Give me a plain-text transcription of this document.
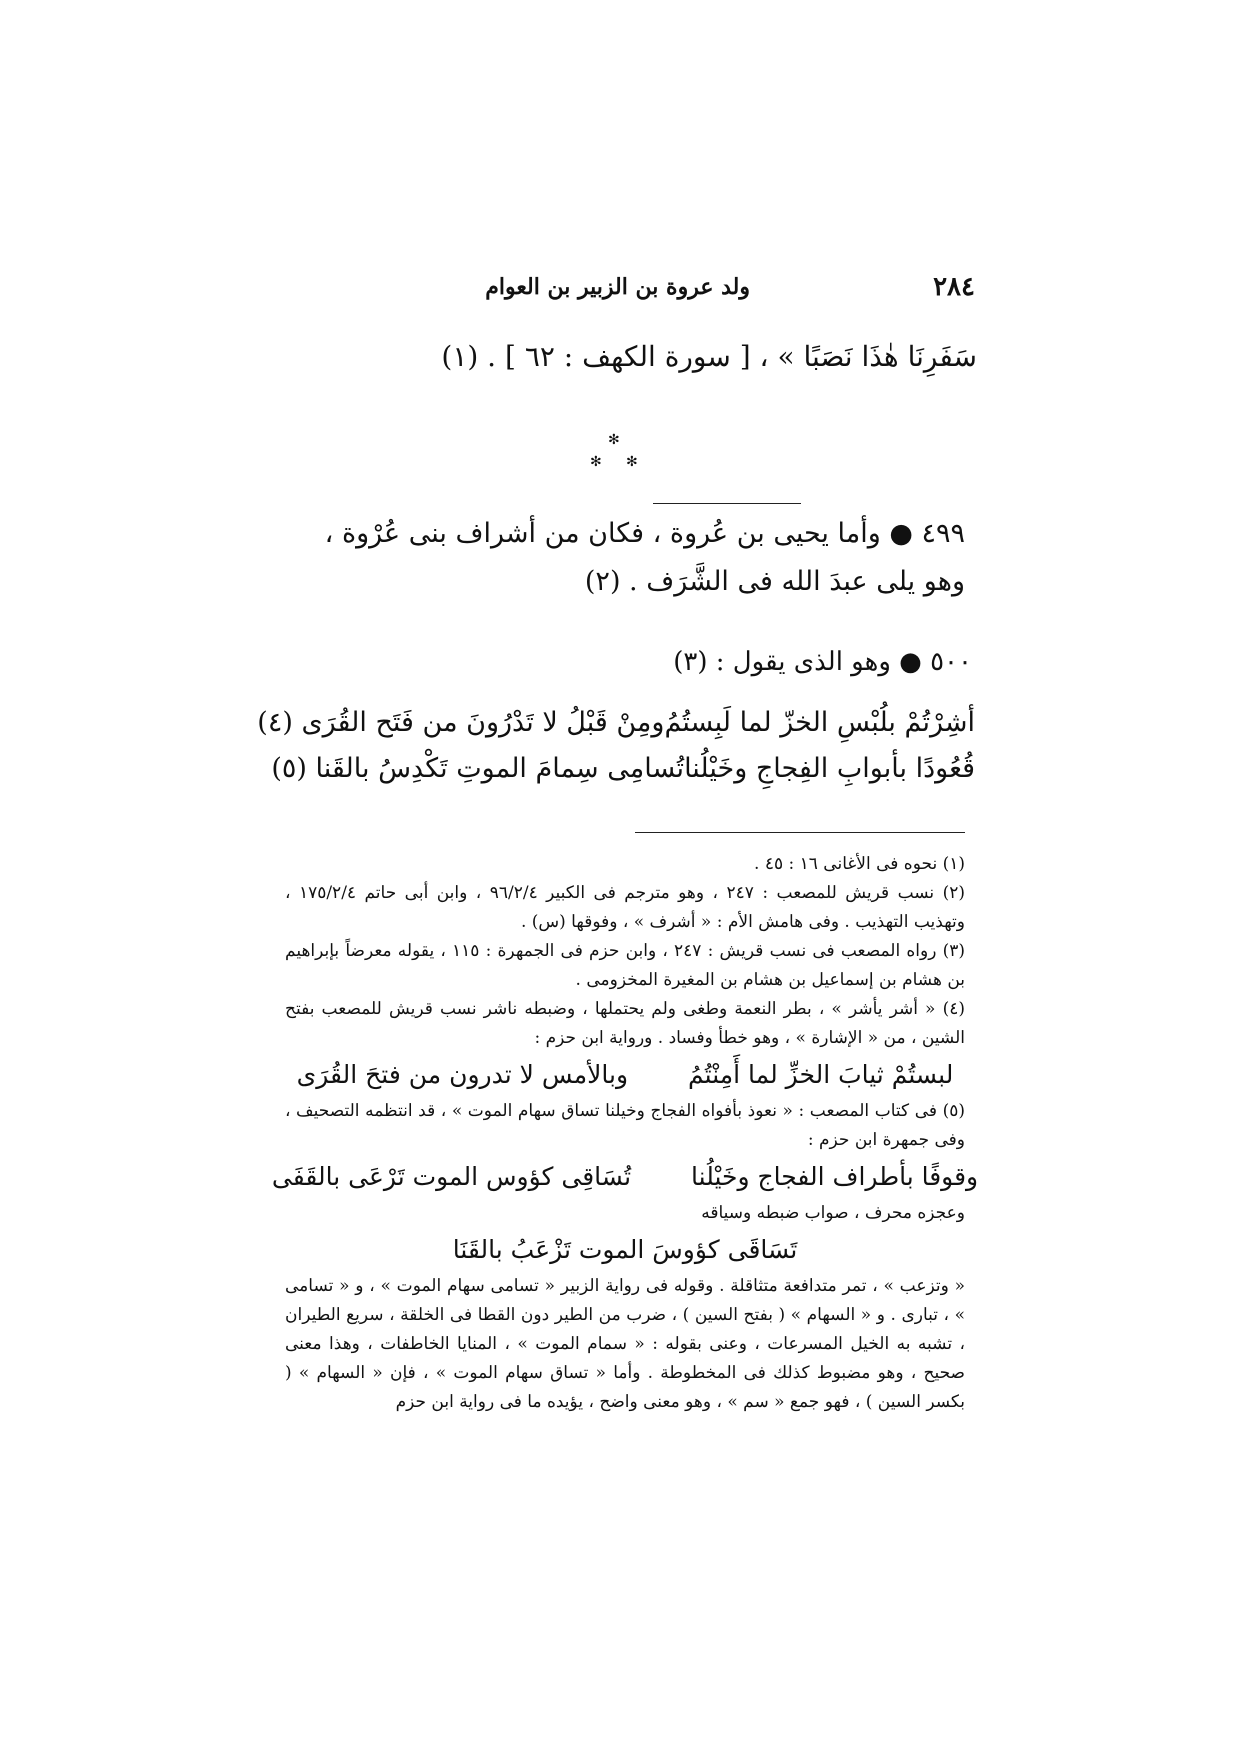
٢٨٤
ولد عروة بن الزبير بن العوام
سَفَرِنَا هٰذَا نَصَبًا » ، [ سورة الكهف : ٦٢ ] . (١)
✻
✻ ✻
٤٩٩ ● وأما يحيى بن عُروة ، فكان من أشراف بنى عُرْوة ، وهو يلى عبدَ الله فى الشَّرَف . (٢)
٥٠٠ ● وهو الذى يقول : (٣)
أشِرْتُمْ بلُبْسِ الخزّ لما لَبِستُمُ
ومِنْ قَبْلُ لا تَدْرُونَ من فَتَح القُرَى (٤)
قُعُودًا بأبوابِ الفِجاجِ وخَيْلُنا
تُسامِى سِمامَ الموتِ تَكْدِسُ بالقَنا (٥)

(١) نحوه فى الأغانى ١٦ : ٤٥ .

(٢) نسب قريش للمصعب : ٢٤٧ ، وهو مترجم فى الكبير ٩٦/٢/٤ ، وابن أبى حاتم ١٧٥/٢/٤ ، وتهذيب التهذيب . وفى هامش الأم : « أشرف » ، وفوقها (س) .

(٣) رواه المصعب فى نسب قريش : ٢٤٧ ، وابن حزم فى الجمهرة : ١١٥ ، يقوله معرضاً بإبراهيم بن هشام بن إسماعيل بن هشام بن المغيرة المخزومى .

(٤) « أشر يأشر » ، بطر النعمة وطغى ولم يحتملها ، وضبطه ناشر نسب قريش للمصعب بفتح الشين ، من « الإشارة » ، وهو خطأ وفساد . ورواية ابن حزم :

لبستُمْ ثيابَ الخزِّ لما أَمِنْتُمُ
وبالأمس لا تدرون من فتحَ القُرَى

(٥) فى كتاب المصعب : « نعوذ بأفواه الفجاج وخيلنا تساق سهام الموت » ، قد انتظمه التصحيف ، وفى جمهرة ابن حزم :

وقوفًا بأطراف الفجاج وخَيْلُنا
تُسَاقِى كؤوس الموت تَرْعَى بالقَفَى

وعجزه محرف ، صواب ضبطه وسياقه

تَسَاقَى كؤوسَ الموت تَزْعَبُ بالقَنَا

« وتزعب » ، تمر متدافعة متثاقلة . وقوله فى رواية الزبير « تسامى سهام الموت » ، و « تسامى » ، تبارى . و « السهام » ( بفتح السين ) ، ضرب من الطير دون القطا فى الخلقة ، سريع الطيران ، تشبه به الخيل المسرعات ، وعنى بقوله : « سمام الموت » ، المنايا الخاطفات ، وهذا معنى صحيح ، وهو مضبوط كذلك فى المخطوطة . وأما « تساق سهام الموت » ، فإن « السهام » ( بكسر السين ) ، فهو جمع « سم » ، وهو معنى واضح ، يؤيده ما فى رواية ابن حزم
